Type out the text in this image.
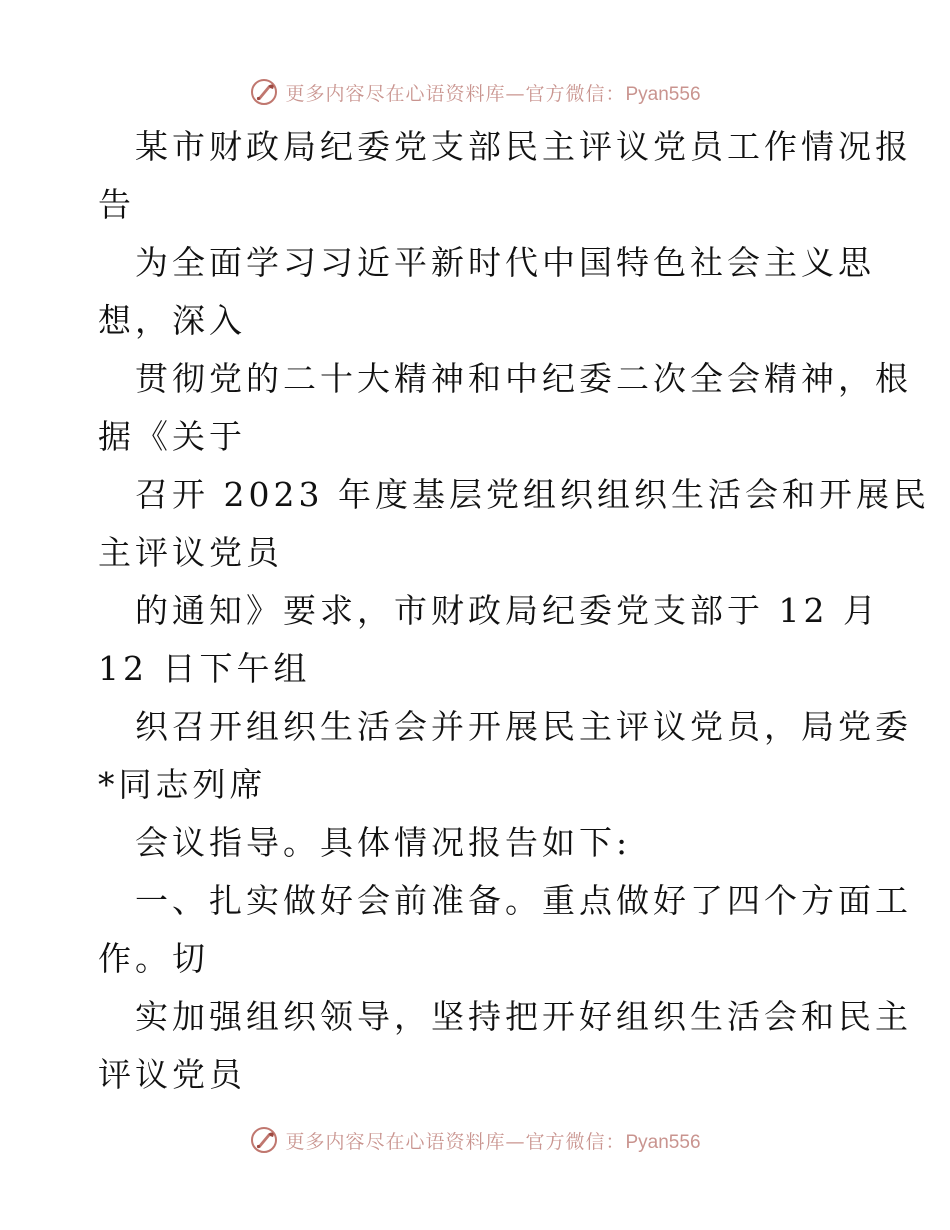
更多内容尽在心语资料库—官方微信：Pyan556
某市财政局纪委党支部民主评议党员工作情况报
告
为全面学习习近平新时代中国特色社会主义思
想，深入
贯彻党的二十大精神和中纪委二次全会精神，根
据《关于
召开 2023 年度基层党组织组织生活会和开展民
主评议党员
的通知》要求，市财政局纪委党支部于 12 月
12 日下午组
织召开组织生活会并开展民主评议党员，局党委
*同志列席
会议指导。具体情况报告如下:
一、扎实做好会前准备。重点做好了四个方面工
作。切
实加强组织领导，坚持把开好组织生活会和民主
评议党员
更多内容尽在心语资料库—官方微信：Pyan556
